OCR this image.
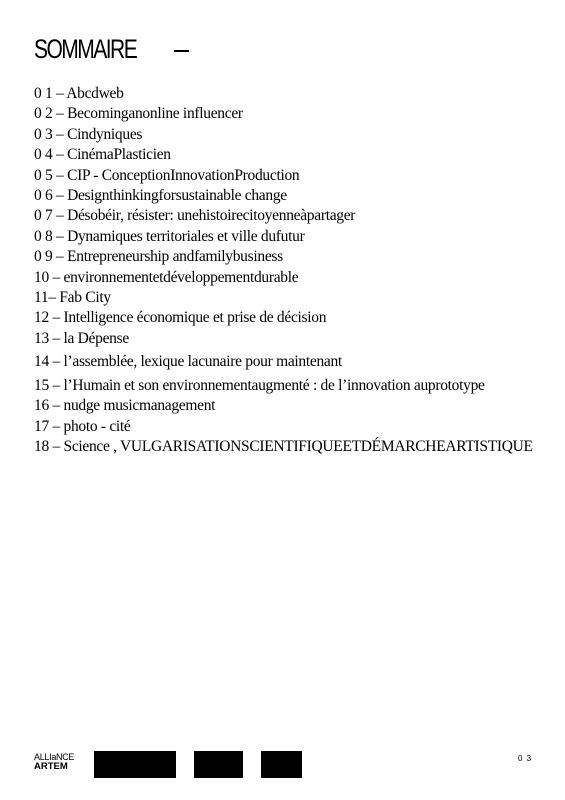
SOMMAIRE
0 1 – Abcdweb
0 2 – Becominganonline influencer
0 3 – Cindyniques
0 4 – CinémaPlasticien
0 5 – CIP - ConceptionInnovationProduction
0 6 – Designthinkingforsustainable change
0 7 – Désobéir, résister: unehistoirecitoyenneàpartager
0 8 – Dynamiques territoriales et ville dufutur
0 9 – Entrepreneurship andfamilybusiness
10 – environnementetdéveloppementdurable
11– Fab City
12 – Intelligence économique et prise de décision
13 – la Dépense
14 – l’assemblée, lexique lacunaire pour maintenant
15 – l’Humain et son environnementaugmenté : de l’innovation auprototype
16 – nudge musicmanagement
17 – photo - cité
18 – Science , VULGARISATIONSCIENTIFIQUEETDÉMARCHEARTISTIQUE
ALLIaNCE
ARTEM
0 3
